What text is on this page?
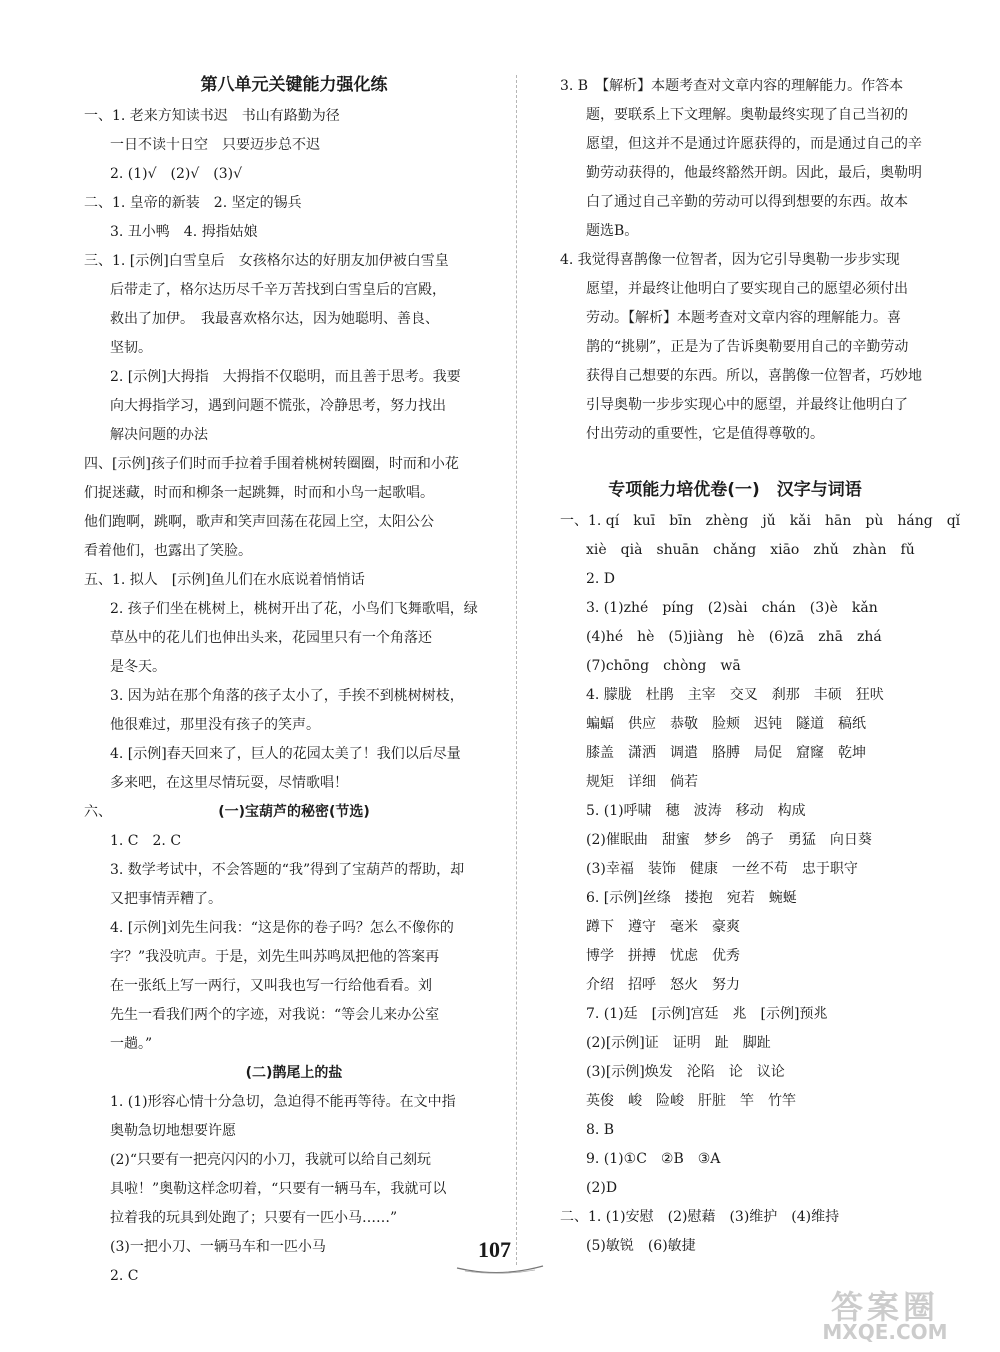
第八单元关键能力强化练
一、1. 老来方知读书迟　书山有路勤为径
一日不读十日空　只要迈步总不迟
2. (1)√　(2)√　(3)√
二、1. 皇帝的新装　2. 坚定的锡兵
3. 丑小鸭　4. 拇指姑娘
三、1. [示例]白雪皇后　女孩格尔达的好朋友加伊被白雪皇
后带走了，格尔达历尽千辛万苦找到白雪皇后的宫殿，
救出了加伊。　我最喜欢格尔达，因为她聪明、善良、
坚韧。
2. [示例]大拇指　大拇指不仅聪明，而且善于思考。我要
向大拇指学习，遇到问题不慌张，冷静思考，努力找出
解决问题的办法
四、[示例]孩子们时而手拉着手围着桃树转圈圈，时而和小花
们捉迷藏，时而和柳条一起跳舞，时而和小鸟一起歌唱。
他们跑啊，跳啊，歌声和笑声回荡在花园上空，太阳公公
看着他们，也露出了笑脸。
五、1. 拟人　[示例]鱼儿们在水底说着悄悄话
2. 孩子们坐在桃树上，桃树开出了花，小鸟们飞舞歌唱，绿
草丛中的花儿们也伸出头来，花园里只有一个角落还
是冬天。
3. 因为站在那个角落的孩子太小了，手挨不到桃树树枝，
他很难过，那里没有孩子的笑声。
4. [示例]春天回来了，巨人的花园太美了！我们以后尽量
多来吧，在这里尽情玩耍，尽情歌唱！
六、	(一)宝葫芦的秘密(节选)
1. C　2. C
3. 数学考试中，不会答题的“我”得到了宝葫芦的帮助，却
又把事情弄糟了。
4. [示例]刘先生问我：“这是你的卷子吗？怎么不像你的
字？”我没吭声。于是，刘先生叫苏鸣凤把他的答案再
在一张纸上写一两行，又叫我也写一行给他看看。刘
先生一看我们两个的字迹，对我说：“等会儿来办公室
一趟。”
(二)鹊尾上的盐
1. (1)形容心情十分急切，急迫得不能再等待。在文中指
奥勒急切地想要许愿
(2)“只要有一把亮闪闪的小刀，我就可以给自己刻玩
具啦！”奥勒这样念叨着，“只要有一辆马车，我就可以
拉着我的玩具到处跑了；只要有一匹小马……”
(3)一把小刀、一辆马车和一匹小马
2. C
3. B　【解析】本题考查对文章内容的理解能力。作答本
题，要联系上下文理解。奥勒最终实现了自己当初的
愿望，但这并不是通过许愿获得的，而是通过自己的辛
勤劳动获得的，他最终豁然开朗。因此，最后，奥勒明
白了通过自己辛勤的劳动可以得到想要的东西。故本
题选B。
4. 我觉得喜鹊像一位智者，因为它引导奥勒一步步实现
愿望，并最终让他明白了要实现自己的愿望必须付出
劳动。【解析】本题考查对文章内容的理解能力。喜
鹊的“挑剔”，正是为了告诉奥勒要用自己的辛勤劳动
获得自己想要的东西。所以，喜鹊像一位智者，巧妙地
引导奥勒一步步实现心中的愿望，并最终让他明白了
付出劳动的重要性，它是值得尊敬的。
专项能力培优卷(一)　汉字与词语
一、1. qí　kuī　bīn　zhèng　jǔ　kǎi　hān　pù　háng　qǐ
xiè　qià　shuān　chǎng　xiāo　zhǔ　zhàn　fǔ
2. D
3. (1)zhé　píng　(2)sài　chán　(3)è　kǎn
(4)hé　hè　(5)jiàng　hè　(6)zā　zhā　zhá
(7)chōng　chòng　wā
4. 朦胧　杜鹃　主宰　交叉　刹那　丰硕　狂吠
蝙蝠　供应　恭敬　脸颊　迟钝　隧道　稿纸
膝盖　潇洒　调遣　胳膊　局促　窟窿　乾坤
规矩　详细　倘若
5. (1)呼啸　穗　波涛　移动　构成
(2)催眠曲　甜蜜　梦乡　鸽子　勇猛　向日葵
(3)幸福　装饰　健康　一丝不苟　忠于职守
6. [示例]丝绦　搂抱　宛若　蜿蜒
蹲下　遵守　毫米　豪爽
博学　拼搏　忧虑　优秀
介绍　招呼　怒火　努力
7. (1)廷　[示例]宫廷　兆　[示例]预兆
(2)[示例]证　证明　趾　脚趾
(3)[示例]焕发　沦陷　论　议论
英俊　峻　险峻　肝脏　竿　竹竿
8. B
9. (1)①C　②B　③A
(2)D
二、1. (1)安慰　(2)慰藉　(3)维护　(4)维持
(5)敏锐　(6)敏捷
107
答案圈
MXQE.COM
